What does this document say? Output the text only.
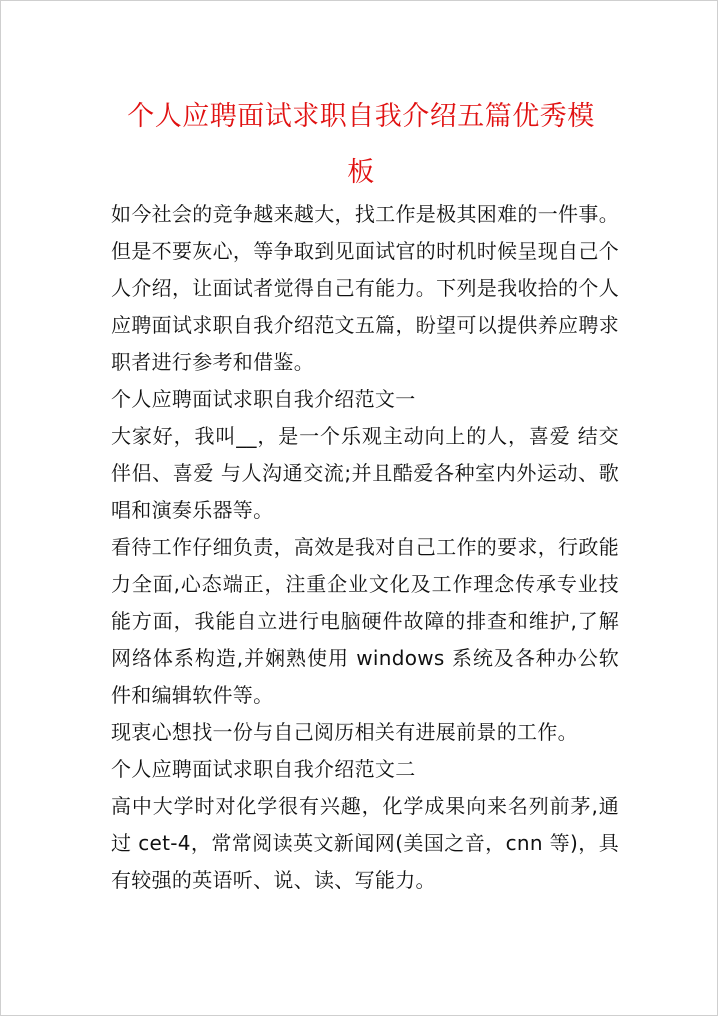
个人应聘面试求职自我介绍五篇优秀模
板

如今社会的竞争越来越大，找工作是极其困难的一件事。但是不要灰心，等争取到见面试官的时机时候呈现自己个人介绍，让面试者觉得自己有能力。下列是我收拾的个人应聘面试求职自我介绍范文五篇，盼望可以提供养应聘求职者进行参考和借鉴。

个人应聘面试求职自我介绍范文一

大家好，我叫__，是一个乐观主动向上的人，喜爱 结交伴侣、喜爱 与人沟通交流;并且酷爱各种室内外运动、歌唱和演奏乐器等。

看待工作仔细负责，高效是我对自己工作的要求，行政能力全面,心态端正，注重企业文化及工作理念传承专业技能方面，我能自立进行电脑硬件故障的排查和维护,了解网络体系构造,并娴熟使用 windows 系统及各种办公软件和编辑软件等。

现衷心想找一份与自己阅历相关有进展前景的工作。

个人应聘面试求职自我介绍范文二

高中大学时对化学很有兴趣，化学成果向来名列前茅,通过 cet-4，常常阅读英文新闻网(美国之音，cnn 等)，具有较强的英语听、说、读、写能力。
